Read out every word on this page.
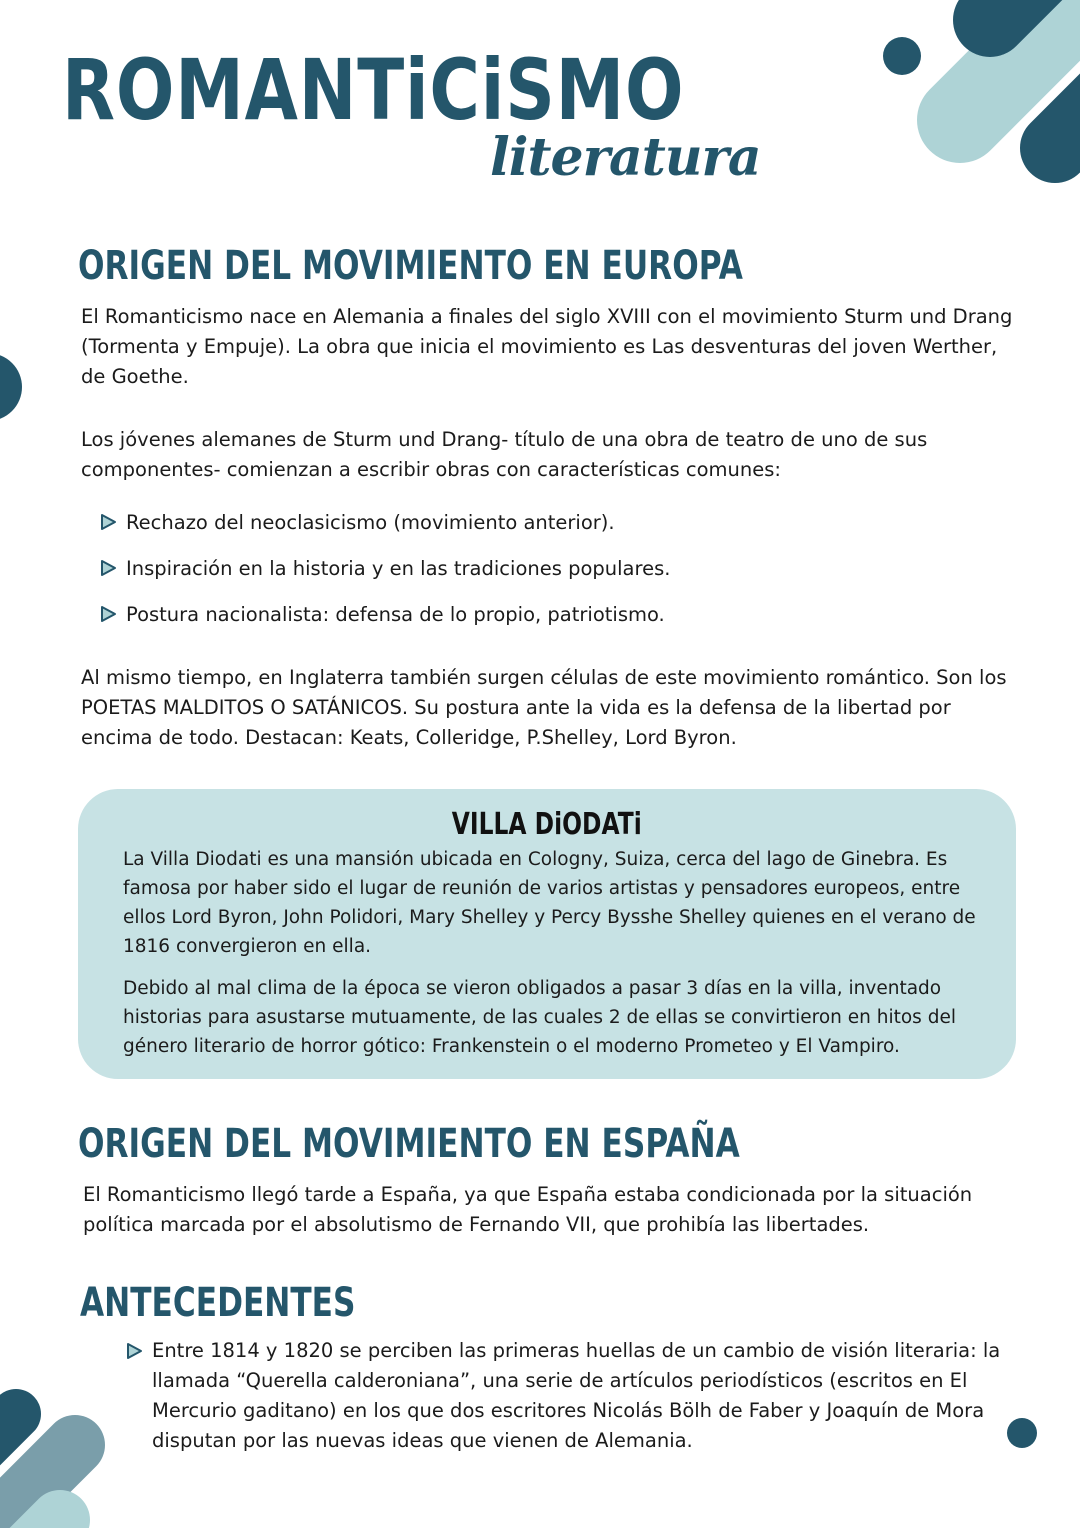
ROMANTiCiSMO
literatura
ORIGEN DEL MOVIMIENTO EN EUROPA
El Romanticismo nace en Alemania a finales del siglo XVIII con el movimiento Sturm und Drang (Tormenta y Empuje). La obra que inicia el movimiento es Las desventuras del joven Werther, de Goethe.
Los jóvenes alemanes de Sturm und Drang- título de una obra de teatro de uno de sus componentes- comienzan a escribir obras con características comunes:
Rechazo del neoclasicismo (movimiento anterior).
Inspiración en la historia y en las tradiciones populares.
Postura nacionalista: defensa de lo propio, patriotismo.
Al mismo tiempo, en Inglaterra también surgen células de este movimiento romántico. Son los POETAS MALDITOS O SATÁNICOS. Su postura ante la vida es la defensa de la libertad por encima de todo. Destacan: Keats, Colleridge, P.Shelley, Lord Byron.
VILLA DiODATi
La Villa Diodati es una mansión ubicada en Cologny, Suiza, cerca del lago de Ginebra. Es famosa por haber sido el lugar de reunión de varios artistas y pensadores europeos, entre ellos Lord Byron, John Polidori, Mary Shelley y Percy Bysshe Shelley quienes en el verano de 1816 convergieron en ella.
Debido al mal clima de la época se vieron obligados a pasar 3 días en la villa, inventado historias para asustarse mutuamente, de las cuales 2 de ellas se convirtieron en hitos del género literario de horror gótico: Frankenstein o el moderno Prometeo y El Vampiro.
ORIGEN DEL MOVIMIENTO EN ESPAÑA
El Romanticismo llegó tarde a España, ya que España estaba condicionada por la situación política marcada por el absolutismo de Fernando VII, que prohibía las libertades.
ANTECEDENTES
Entre 1814 y 1820 se perciben las primeras huellas de un cambio de visión literaria: la llamada “Querella calderoniana”, una serie de artículos periodísticos (escritos en El Mercurio gaditano) en los que dos escritores Nicolás Bölh de Faber y Joaquín de Mora disputan por las nuevas ideas que vienen de Alemania.
